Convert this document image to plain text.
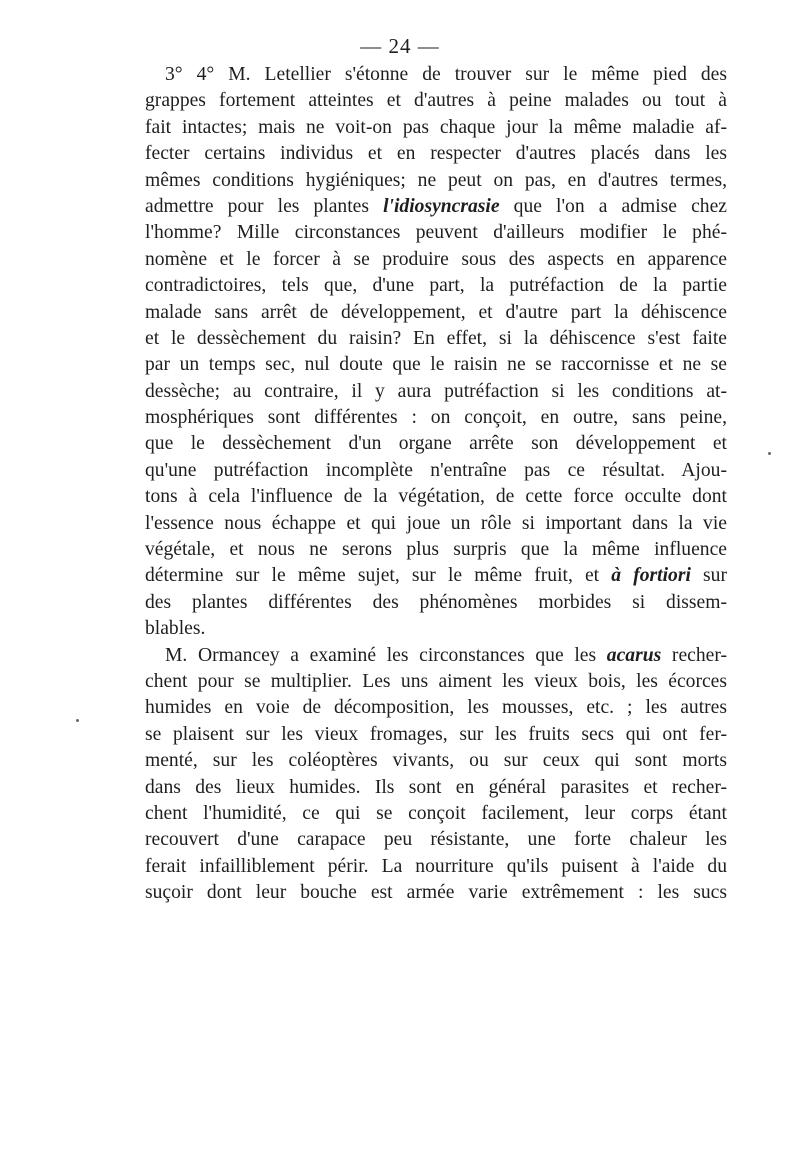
— 24 —
3° 4° M. Letellier s'étonne de trouver sur le même pied des
grappes fortement atteintes et d'autres à peine malades ou tout à
fait intactes; mais ne voit-on pas chaque jour la même maladie af-
fecter certains individus et en respecter d'autres placés dans les
mêmes conditions hygiéniques; ne peut on pas, en d'autres termes,
admettre pour les plantes l'idiosyncrasie que l'on a admise chez
l'homme? Mille circonstances peuvent d'ailleurs modifier le phé-
nomène et le forcer à se produire sous des aspects en apparence
contradictoires, tels que, d'une part, la putréfaction de la partie
malade sans arrêt de développement, et d'autre part la déhiscence
et le dessèchement du raisin? En effet, si la déhiscence s'est faite
par un temps sec, nul doute que le raisin ne se raccornisse et ne se
dessèche; au contraire, il y aura putréfaction si les conditions at-
mosphériques sont différentes : on conçoit, en outre, sans peine,
que le dessèchement d'un organe arrête son développement et
qu'une putréfaction incomplète n'entraîne pas ce résultat. Ajou-
tons à cela l'influence de la végétation, de cette force occulte dont
l'essence nous échappe et qui joue un rôle si important dans la vie
végétale, et nous ne serons plus surpris que la même influence
détermine sur le même sujet, sur le même fruit, et à fortiori sur
des plantes différentes des phénomènes morbides si dissem-
blables.
M. Ormancey a examiné les circonstances que les acarus recher-
chent pour se multiplier. Les uns aiment les vieux bois, les écorces
humides en voie de décomposition, les mousses, etc. ; les autres
se plaisent sur les vieux fromages, sur les fruits secs qui ont fer-
menté, sur les coléoptères vivants, ou sur ceux qui sont morts
dans des lieux humides. Ils sont en général parasites et recher-
chent l'humidité, ce qui se conçoit facilement, leur corps étant
recouvert d'une carapace peu résistante, une forte chaleur les
ferait infailliblement périr. La nourriture qu'ils puisent à l'aide du
suçoir dont leur bouche est armée varie extrêmement : les sucs
